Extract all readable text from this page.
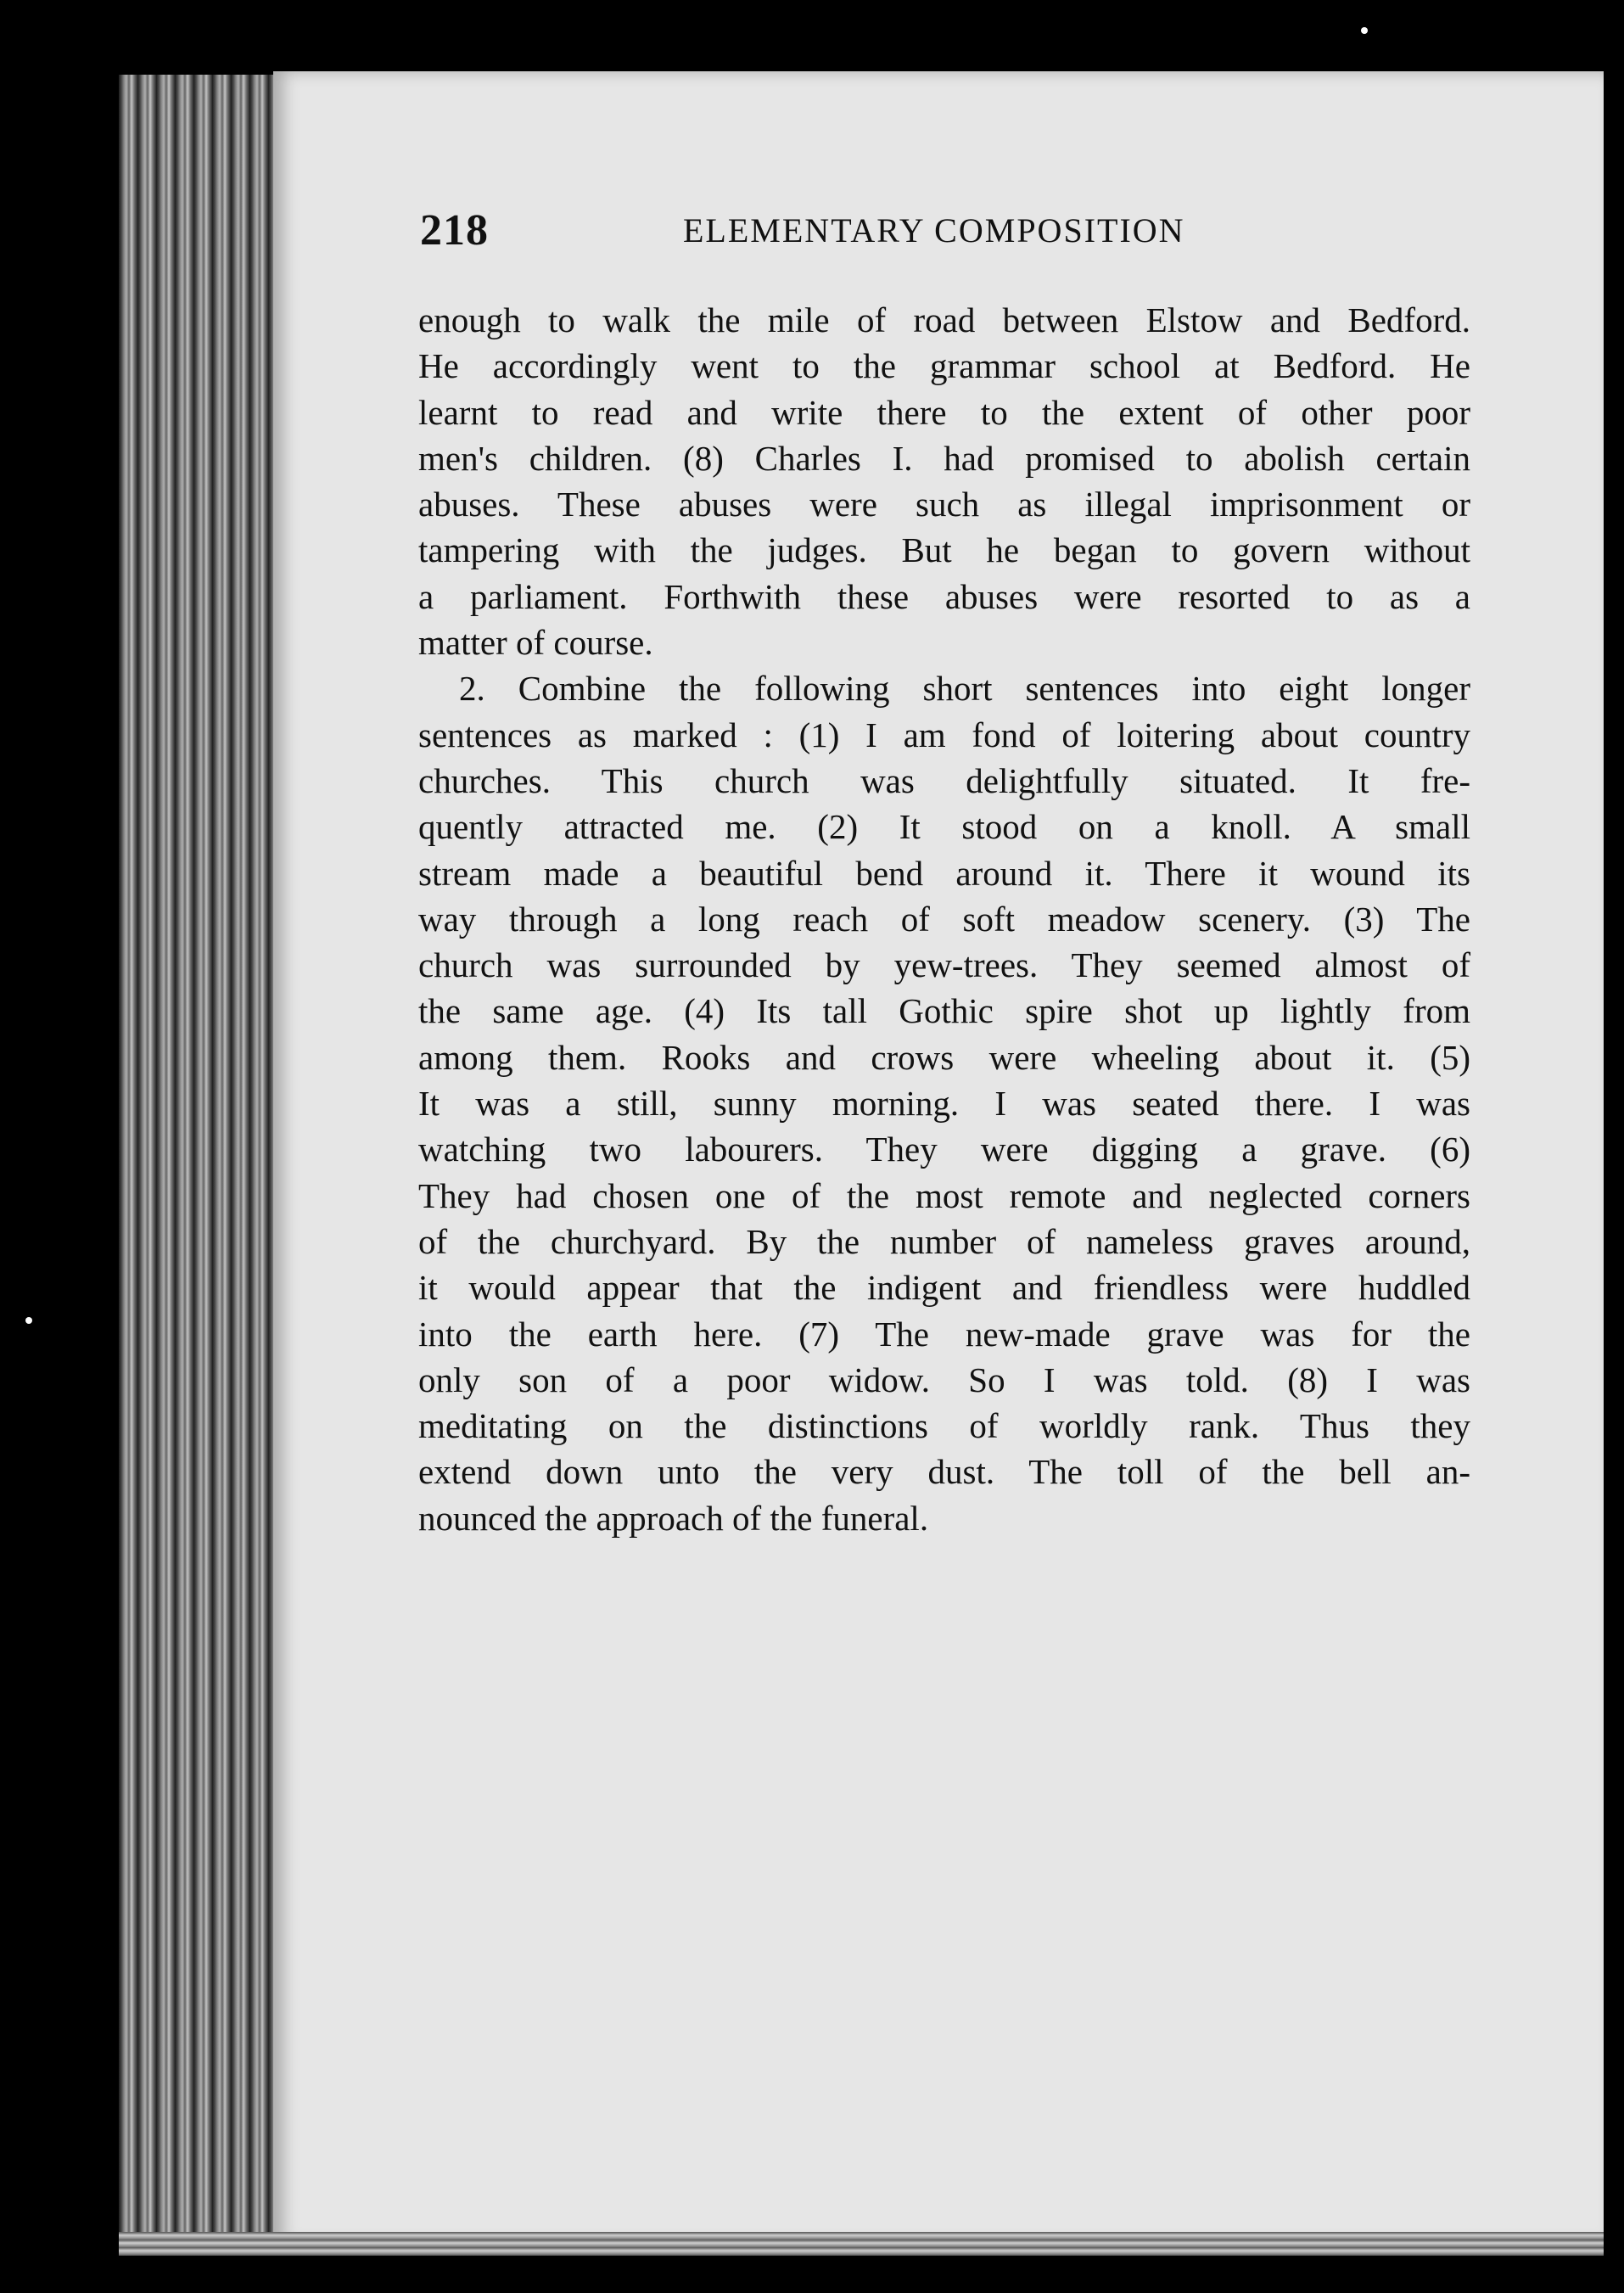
218	ELEMENTARY COMPOSITION
enough to walk the mile of road between Elstow and Bedford.
He accordingly went to the grammar school at Bedford. He
learnt to read and write there to the extent of other poor
men's children. (8) Charles I. had promised to abolish certain
abuses. These abuses were such as illegal imprisonment or
tampering with the judges. But he began to govern without
a parliament. Forthwith these abuses were resorted to as a
matter of course.
2. Combine the following short sentences into eight longer
sentences as marked : (1) I am fond of loitering about country
churches. This church was delightfully situated. It fre-
quently attracted me. (2) It stood on a knoll. A small
stream made a beautiful bend around it. There it wound its
way through a long reach of soft meadow scenery. (3) The
church was surrounded by yew-trees. They seemed almost of
the same age. (4) Its tall Gothic spire shot up lightly from
among them. Rooks and crows were wheeling about it. (5)
It was a still, sunny morning. I was seated there. I was
watching two labourers. They were digging a grave. (6)
They had chosen one of the most remote and neglected corners
of the churchyard. By the number of nameless graves around,
it would appear that the indigent and friendless were huddled
into the earth here. (7) The new-made grave was for the
only son of a poor widow. So I was told. (8) I was
meditating on the distinctions of worldly rank. Thus they
extend down unto the very dust. The toll of the bell an-
nounced the approach of the funeral.
